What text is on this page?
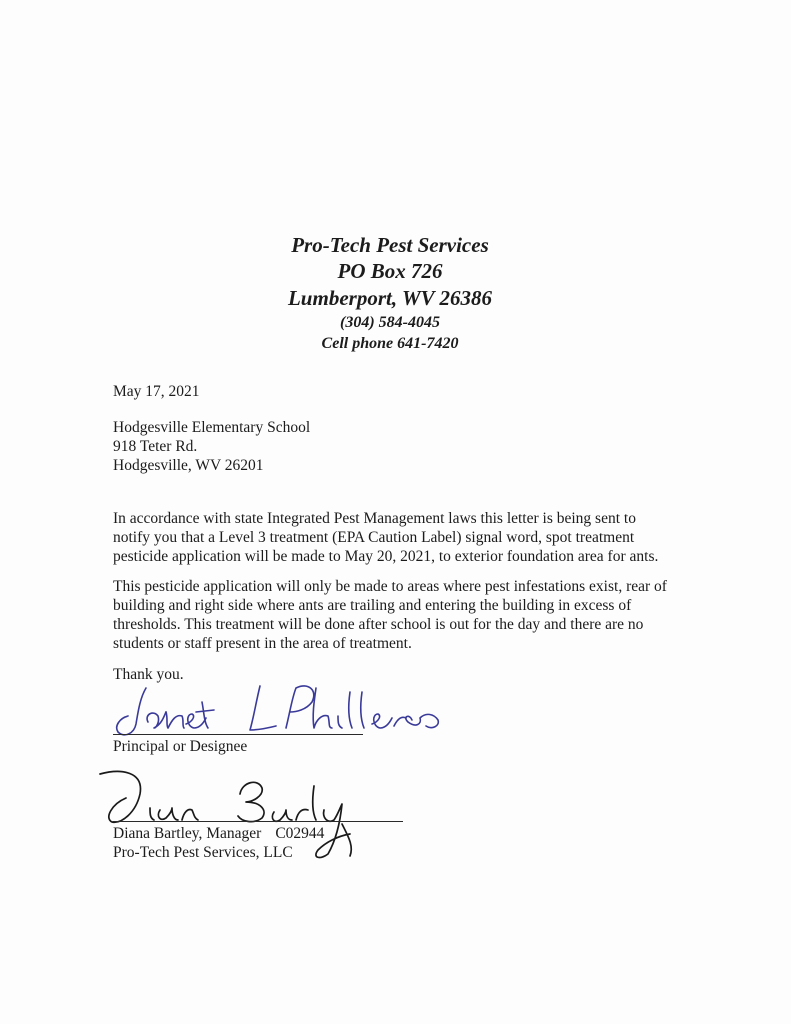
Pro-Tech Pest Services
PO Box 726
Lumberport, WV 26386
(304) 584-4045
Cell phone 641-7420
May 17, 2021
Hodgesville Elementary School
918 Teter Rd.
Hodgesville, WV 26201
In accordance with state Integrated Pest Management laws this letter is being sent to
notify you that a Level 3 treatment (EPA Caution Label) signal word, spot treatment
pesticide application will be made to May 20, 2021, to exterior foundation area for ants.
This pesticide application will only be made to areas where pest infestations exist, rear of
building and right side where ants are trailing and entering the building in excess of
thresholds. This treatment will be done after school is out for the day and there are no
students or staff present in the area of treatment.
Thank you.
Principal or Designee
Diana Bartley, Manager C02944
Pro-Tech Pest Services, LLC
